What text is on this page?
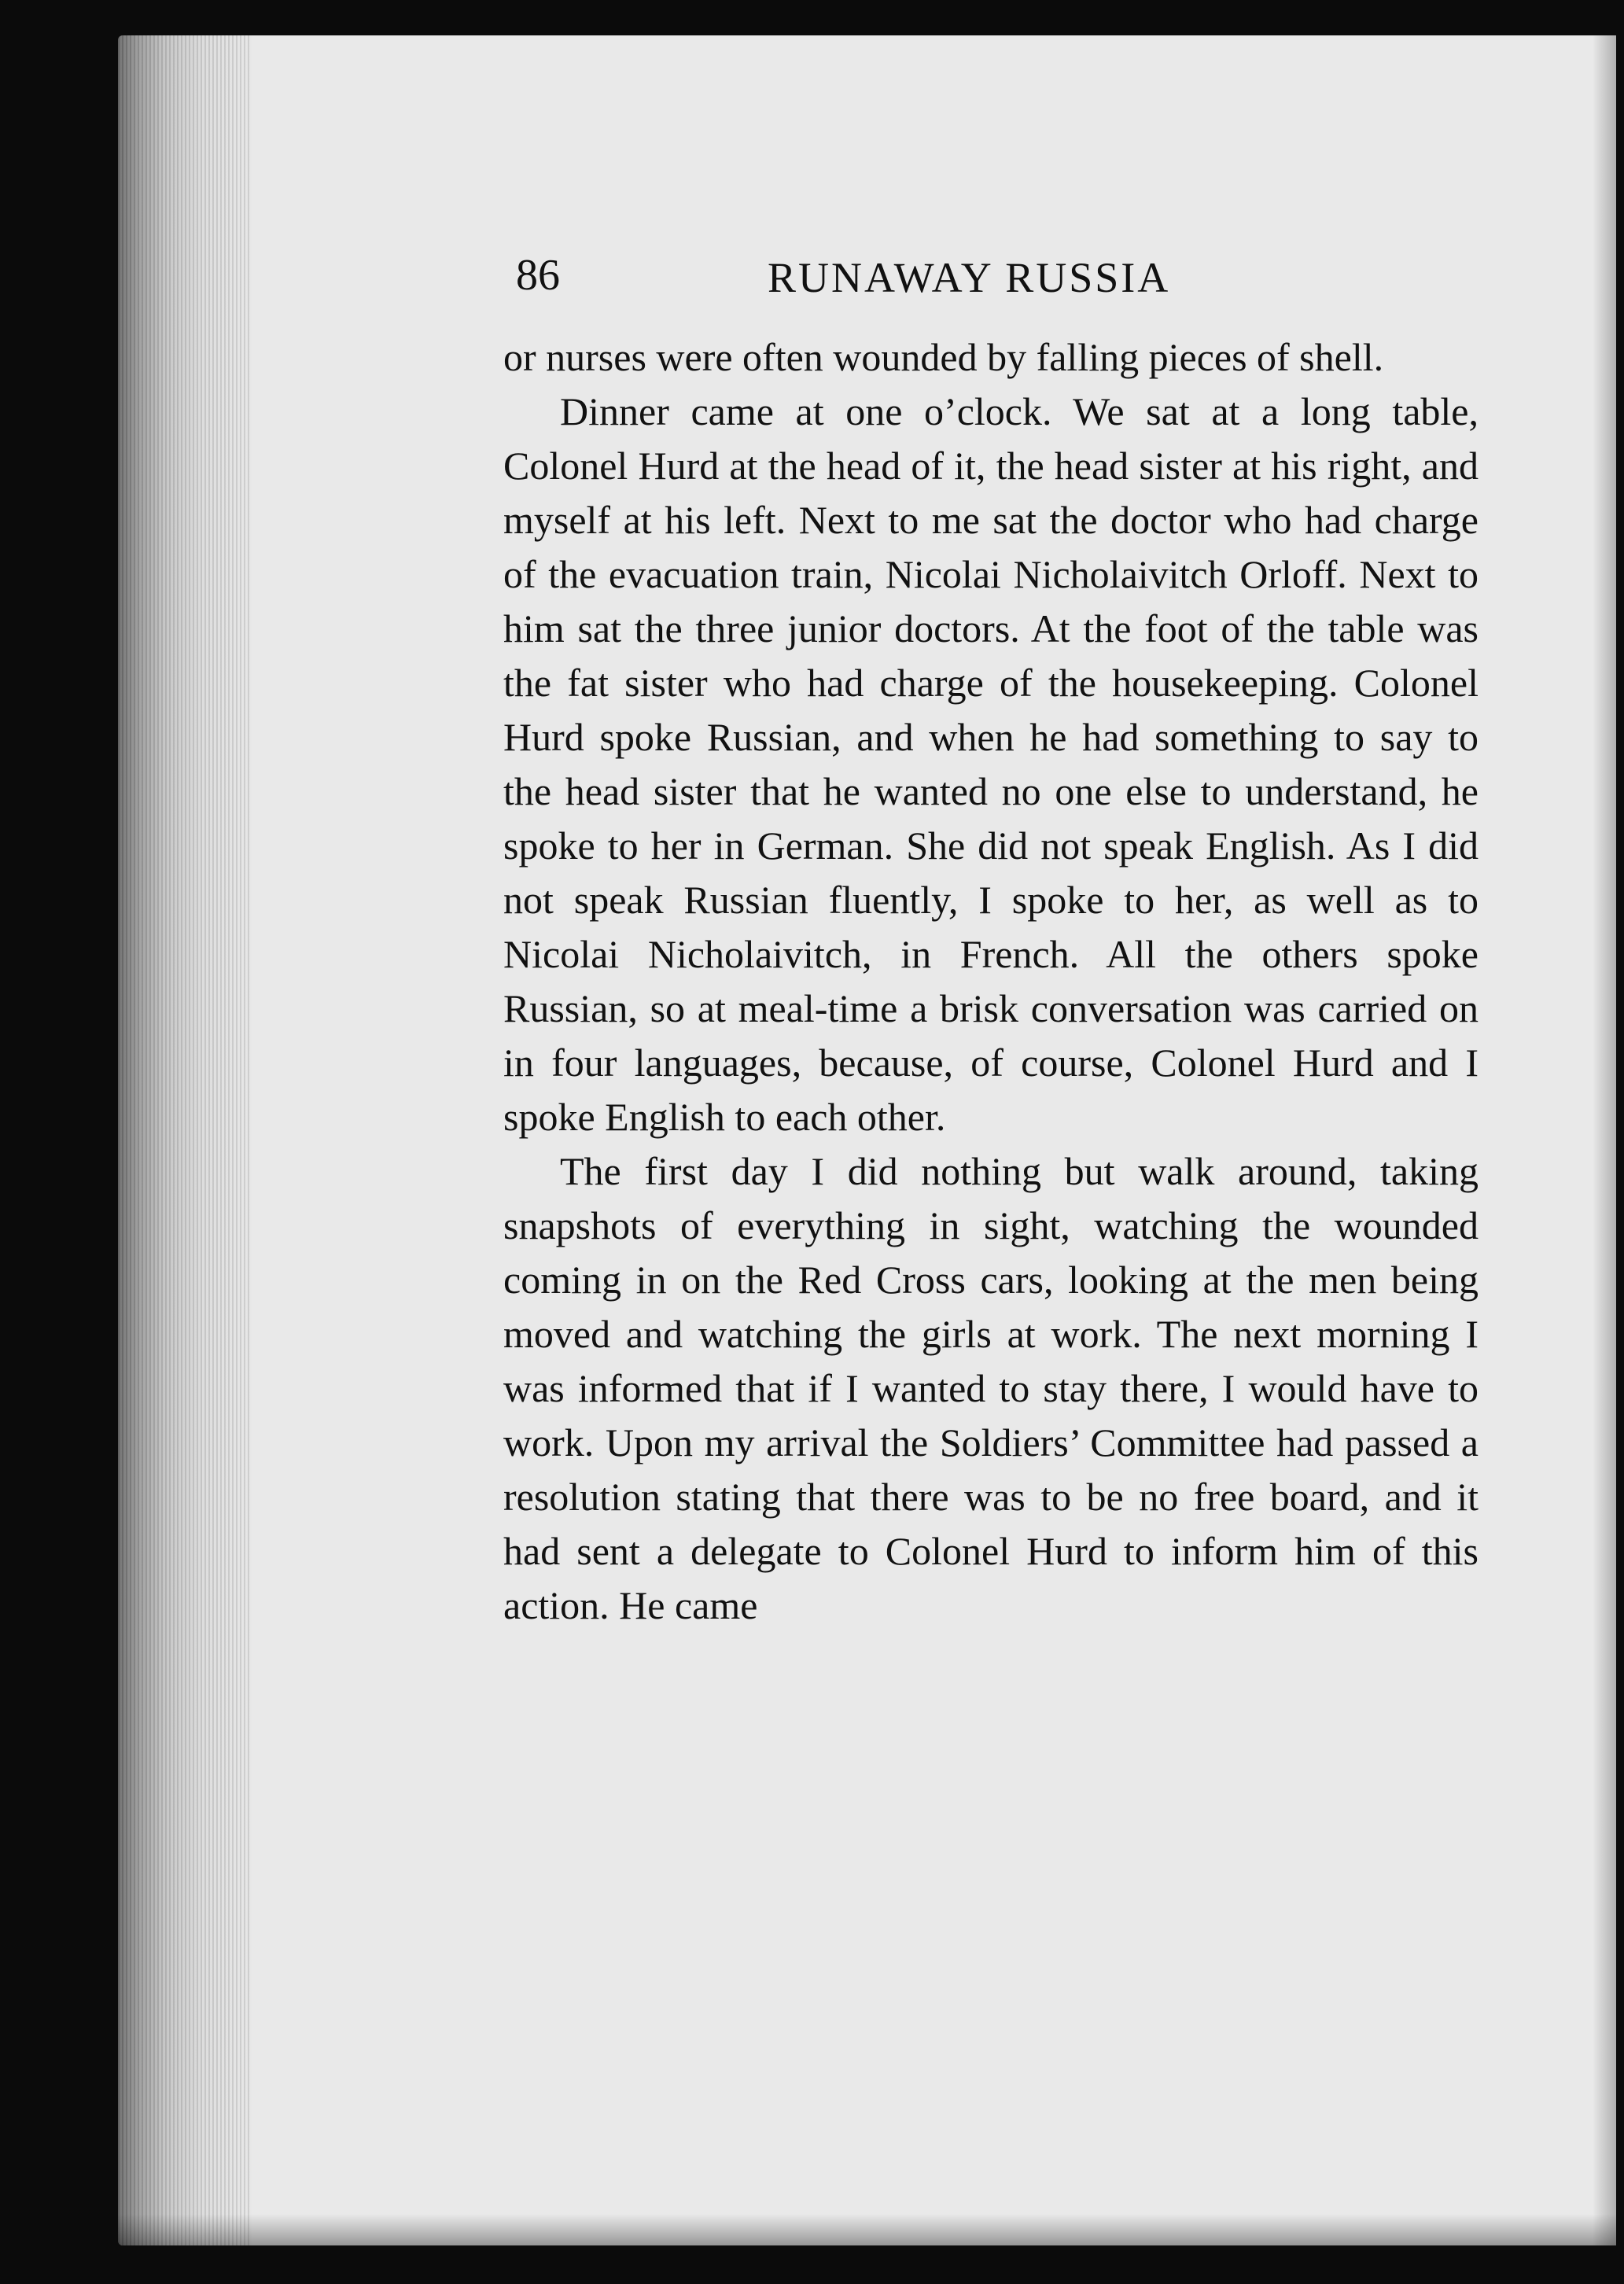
86	RUNAWAY RUSSIA

or nurses were often wounded by falling pieces of shell.

Dinner came at one o’clock. We sat at a long table, Colonel Hurd at the head of it, the head sister at his right, and myself at his left. Next to me sat the doctor who had charge of the evacuation train, Nicolai Nicholaivitch Orloff. Next to him sat the three junior doctors. At the foot of the table was the fat sister who had charge of the housekeeping. Colonel Hurd spoke Russian, and when he had something to say to the head sister that he wanted no one else to understand, he spoke to her in German. She did not speak English. As I did not speak Russian fluently, I spoke to her, as well as to Nicolai Nicholaivitch, in French. All the others spoke Russian, so at meal-time a brisk conversation was carried on in four languages, because, of course, Colonel Hurd and I spoke English to each other.

The first day I did nothing but walk around, taking snapshots of everything in sight, watching the wounded coming in on the Red Cross cars, looking at the men being moved and watching the girls at work. The next morning I was informed that if I wanted to stay there, I would have to work. Upon my arrival the Soldiers’ Committee had passed a resolution stating that there was to be no free board, and it had sent a delegate to Colonel Hurd to inform him of this action. He came
